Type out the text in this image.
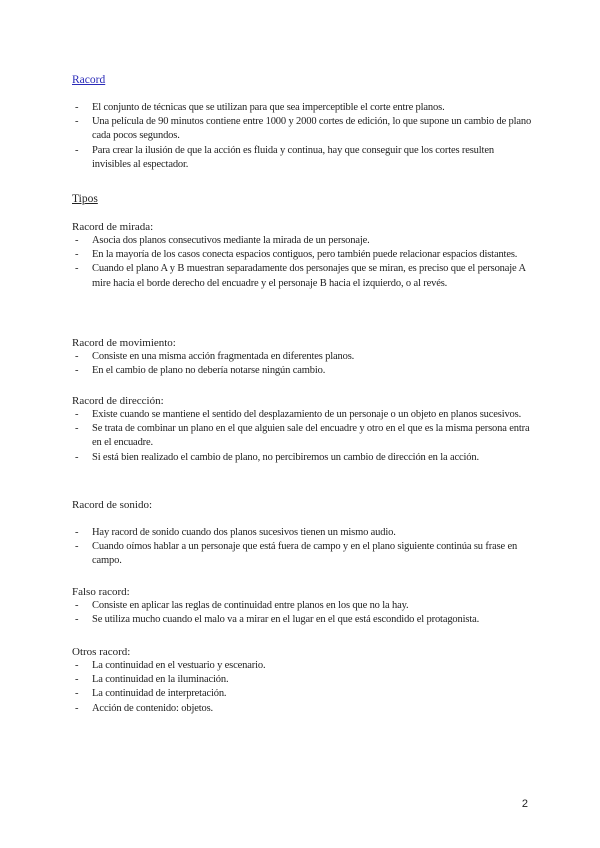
Racord
- El conjunto de técnicas que se utilizan para que sea imperceptible el corte entre planos.
- Una película de 90 minutos contiene entre 1000 y 2000 cortes de edición, lo que supone un cambio de plano cada pocos segundos.
- Para crear la ilusión de que la acción es fluida y continua, hay que conseguir que los cortes resulten invisibles al espectador.
Tipos

Racord de mirada:

- Asocia dos planos consecutivos mediante la mirada de un personaje.
- En la mayoría de los casos conecta espacios contiguos, pero también puede relacionar espacios distantes.
- Cuando el plano A y B muestran separadamente dos personajes que se miran, es preciso que el personaje A mire hacia el borde derecho del encuadre y el personaje B hacia el izquierdo, o al revés.

Racord de movimiento:

- Consiste en una misma acción fragmentada en diferentes planos.
- En el cambio de plano no debería notarse ningún cambio.

Racord de dirección:

- Existe cuando se mantiene el sentido del desplazamiento de un personaje o un objeto en planos sucesivos.
- Se trata de combinar un plano en el que alguien sale del encuadre y otro en el que es la misma persona entra en el encuadre.
- Si está bien realizado el cambio de plano, no percibiremos un cambio de dirección en la acción.

Racord de sonido:

- Hay racord de sonido cuando dos planos sucesivos tienen un mismo audio.
- Cuando oímos hablar a un personaje que está fuera de campo y en el plano siguiente continúa su frase en campo.

Falso racord:

- Consiste en aplicar las reglas de continuidad entre planos en los que no la hay.
- Se utiliza mucho cuando el malo va a mirar en el lugar en el que está escondido el protagonista.

Otros racord:

- La continuidad en el vestuario y escenario.
- La continuidad en la iluminación.
- La continuidad de interpretación.
- Acción de contenido: objetos.
2
